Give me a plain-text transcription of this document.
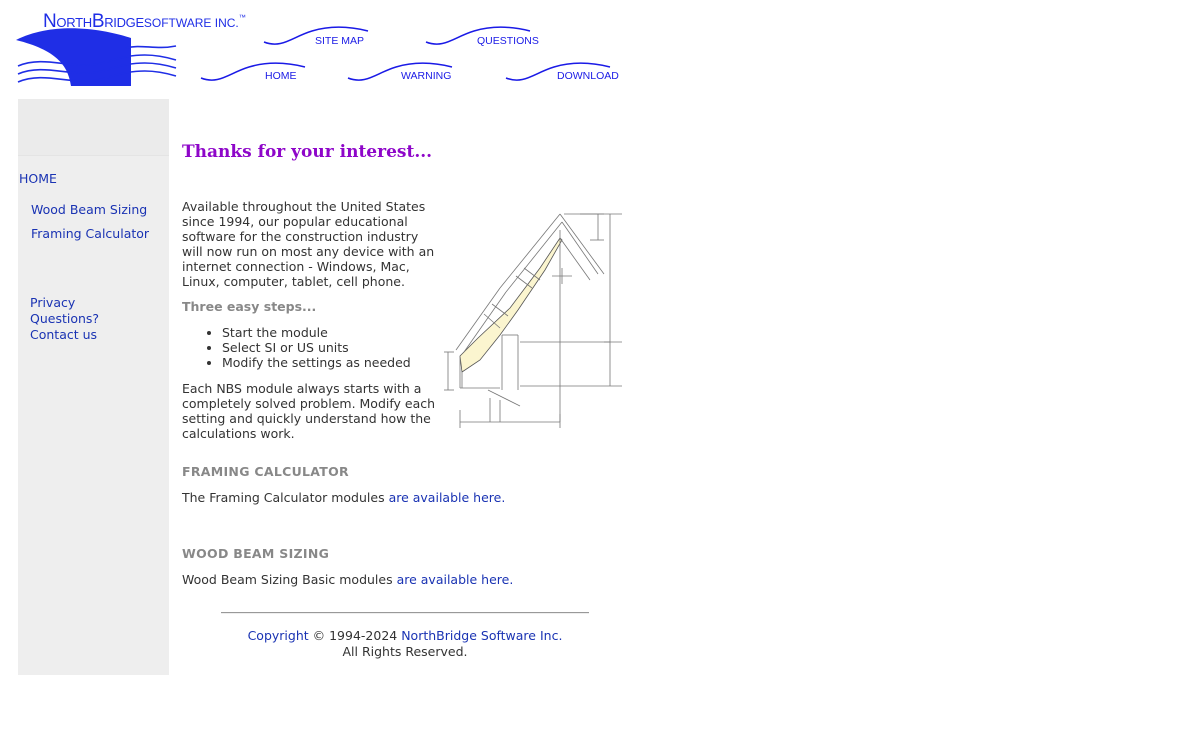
NorthBridgeSOFTWARE INC.™
SITE MAP	QUESTIONS
HOME	WARNING	DOWNLOAD
HOME
Wood Beam Sizing
Framing Calculator
Privacy
Questions?
Contact us
Thanks for your interest...
Available throughout the United States since 1994, our popular educational software for the construction industry will now run on most any device with an internet connection - Windows, Mac, Linux, computer, tablet, cell phone.
Three easy steps...
• Start the module
• Select SI or US units
• Modify the settings as needed
Each NBS module always starts with a completely solved problem. Modify each setting and quickly understand how the calculations work.
FRAMING CALCULATOR
The Framing Calculator modules are available here.
WOOD BEAM SIZING
Wood Beam Sizing Basic modules are available here.
Copyright © 1994-2024 NorthBridge Software Inc.
All Rights Reserved.
